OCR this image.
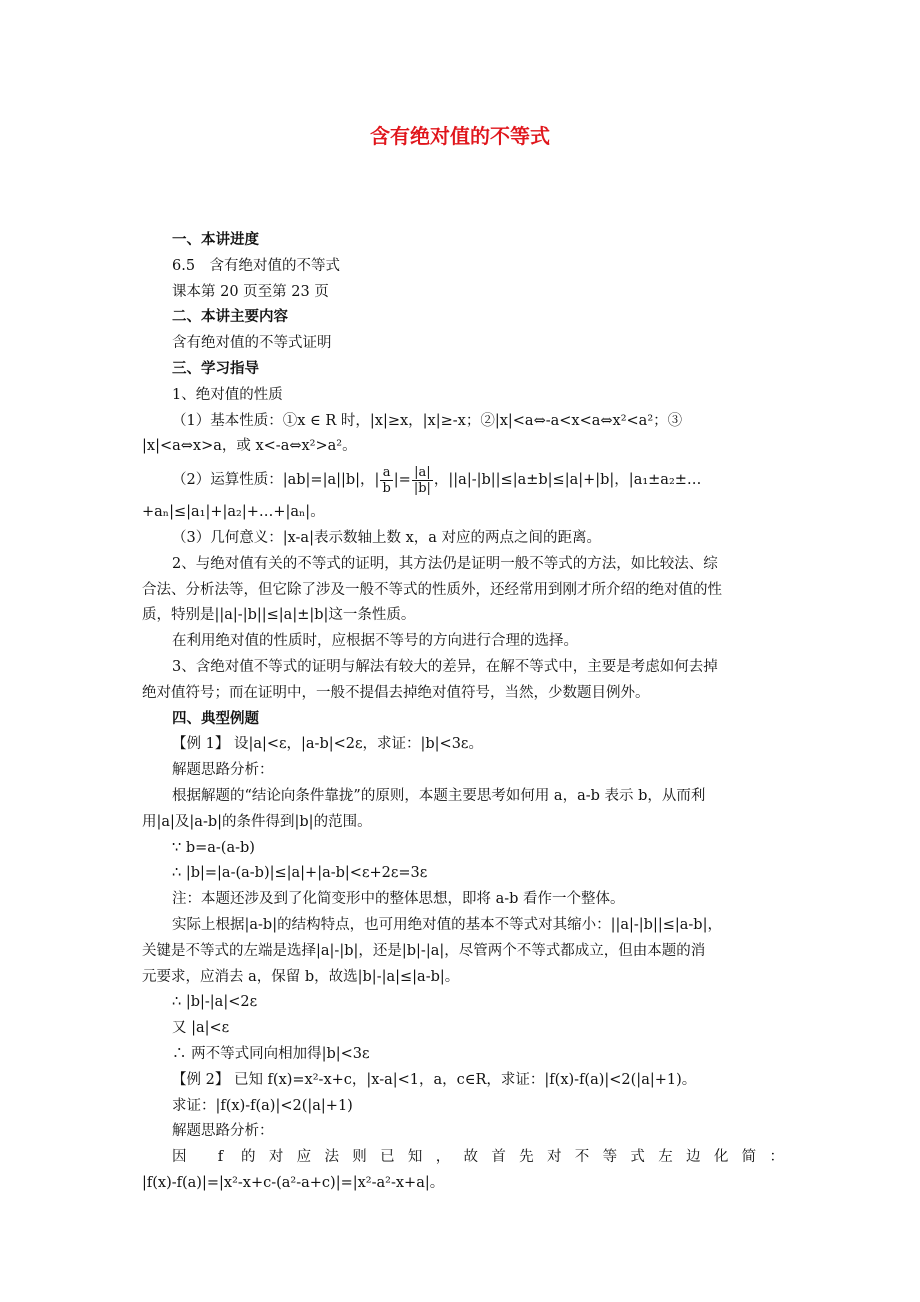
含有绝对值的不等式
一、本讲进度
6.5　含有绝对值的不等式
课本第 20 页至第 23 页
二、本讲主要内容
含有绝对值的不等式证明
三、学习指导
1、绝对值的性质
（1）基本性质：①x ∈ R 时，|x|≥x，|x|≥-x；②|x|<a⇔-a<x<a⇔x²<a²；③
|x|<a⇔x>a，或 x<-a⇔x²>a²。
（2）运算性质：|ab|=|a||b|，| $\frac{a}{b}$ |= $\frac{|a|}{|b|}$ ，||a|-|b||≤|a±b|≤|a|+|b|，|a₁±a₂±…
+aₙ|≤|a₁|+|a₂|+…+|aₙ|。
（3）几何意义：|x-a|表示数轴上数 x，a 对应的两点之间的距离。
2、与绝对值有关的不等式的证明，其方法仍是证明一般不等式的方法，如比较法、综
合法、分析法等，但它除了涉及一般不等式的性质外，还经常用到刚才所介绍的绝对值的性
质，特别是||a|-|b||≤|a|±|b|这一条性质。
在利用绝对值的性质时，应根据不等号的方向进行合理的选择。
3、含绝对值不等式的证明与解法有较大的差异，在解不等式中，主要是考虑如何去掉
绝对值符号；而在证明中，一般不提倡去掉绝对值符号，当然，少数题目例外。
四、典型例题
【例 1】 设|a|<ε，|a-b|<2ε，求证：|b|<3ε。
解题思路分析：
根据解题的“结论向条件靠拢”的原则，本题主要思考如何用 a，a-b 表示 b，从而利
用|a|及|a-b|的条件得到|b|的范围。
∵ b=a-(a-b)
∴ |b|=|a-(a-b)|≤|a|+|a-b|<ε+2ε=3ε
注：本题还涉及到了化简变形中的整体思想，即将 a-b 看作一个整体。
实际上根据|a-b|的结构特点，也可用绝对值的基本不等式对其缩小：||a|-|b||≤|a-b|，
关键是不等式的左端是选择|a|-|b|，还是|b|-|a|，尽管两个不等式都成立，但由本题的消
元要求，应消去 a，保留 b，故选|b|-|a|≤|a-b|。
∴ |b|-|a|<2ε
又 |a|<ε
∴ 两不等式同向相加得|b|<3ε
【例 2】 已知 f(x)=x²-x+c，|x-a|<1，a，c∈R，求证：|f(x)-f(a)|<2(|a|+1)。
求证：|f(x)-f(a)|<2(|a|+1)
解题思路分析：
因 f 的对应法则已知，故首先对不等式左边化简：
|f(x)-f(a)|=|x²-x+c-(a²-a+c)|=|x²-a²-x+a|。
